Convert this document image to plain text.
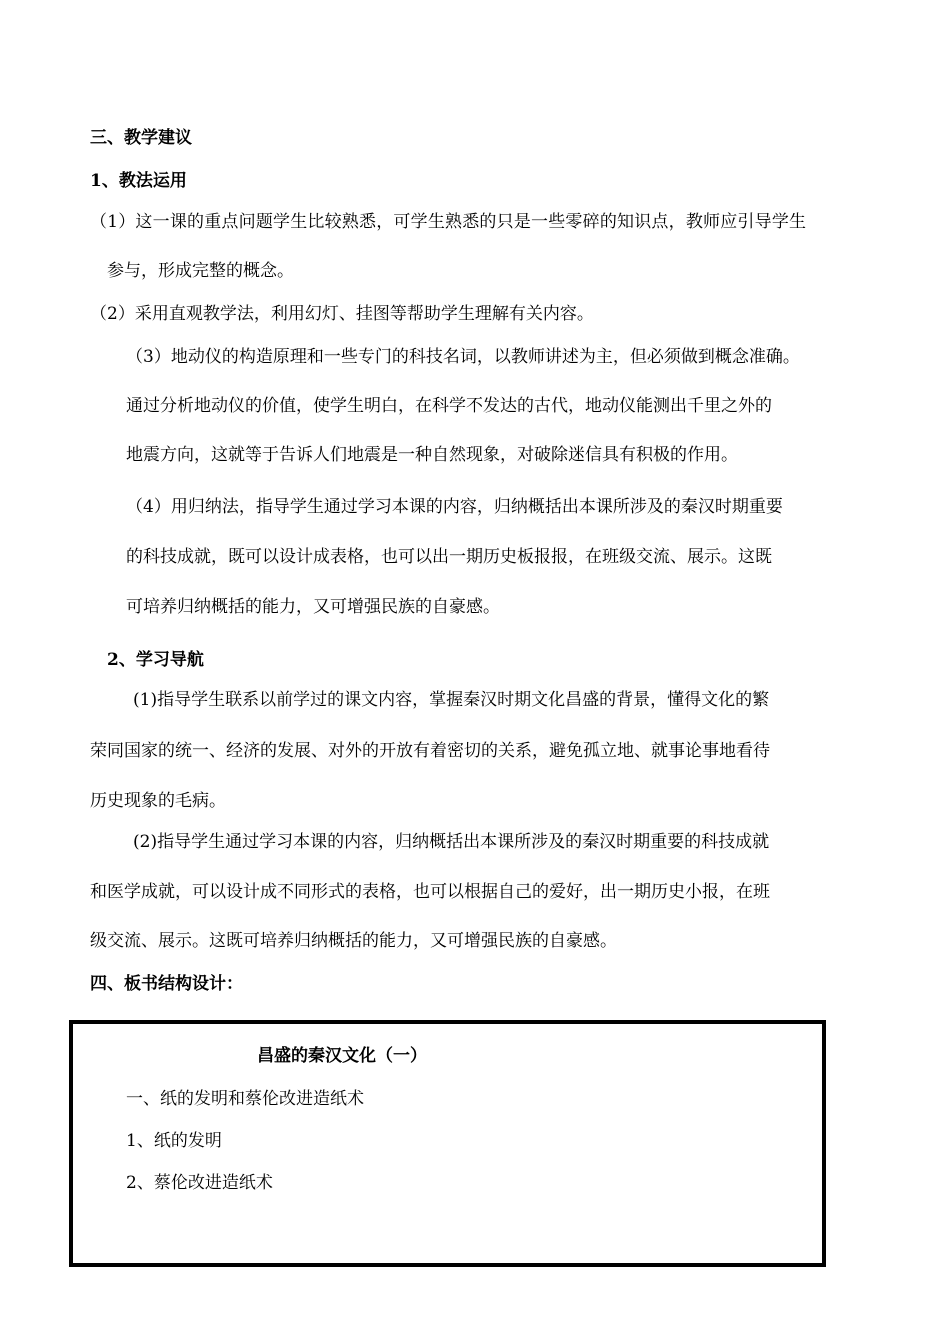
三、教学建议
1、教法运用
（1）这一课的重点问题学生比较熟悉，可学生熟悉的只是一些零碎的知识点，教师应引导学生
参与，形成完整的概念。
（2）采用直观教学法，利用幻灯、挂图等帮助学生理解有关内容。
（3）地动仪的构造原理和一些专门的科技名词，以教师讲述为主，但必须做到概念准确。
通过分析地动仪的价值，使学生明白，在科学不发达的古代，地动仪能测出千里之外的
地震方向，这就等于告诉人们地震是一种自然现象，对破除迷信具有积极的作用。
（4）用归纳法，指导学生通过学习本课的内容，归纳概括出本课所涉及的秦汉时期重要
的科技成就，既可以设计成表格，也可以出一期历史板报报，在班级交流、展示。这既
可培养归纳概括的能力，又可增强民族的自豪感。
2、学习导航
(1)指导学生联系以前学过的课文内容，掌握秦汉时期文化昌盛的背景，懂得文化的繁
荣同国家的统一、经济的发展、对外的开放有着密切的关系，避免孤立地、就事论事地看待
历史现象的毛病。
(2)指导学生通过学习本课的内容，归纳概括出本课所涉及的秦汉时期重要的科技成就
和医学成就，可以设计成不同形式的表格，也可以根据自己的爱好，出一期历史小报，在班
级交流、展示。这既可培养归纳概括的能力，又可增强民族的自豪感。
四、板书结构设计：
昌盛的秦汉文化（一）
一、纸的发明和蔡伦改进造纸术
1、纸的发明
2、蔡伦改进造纸术
